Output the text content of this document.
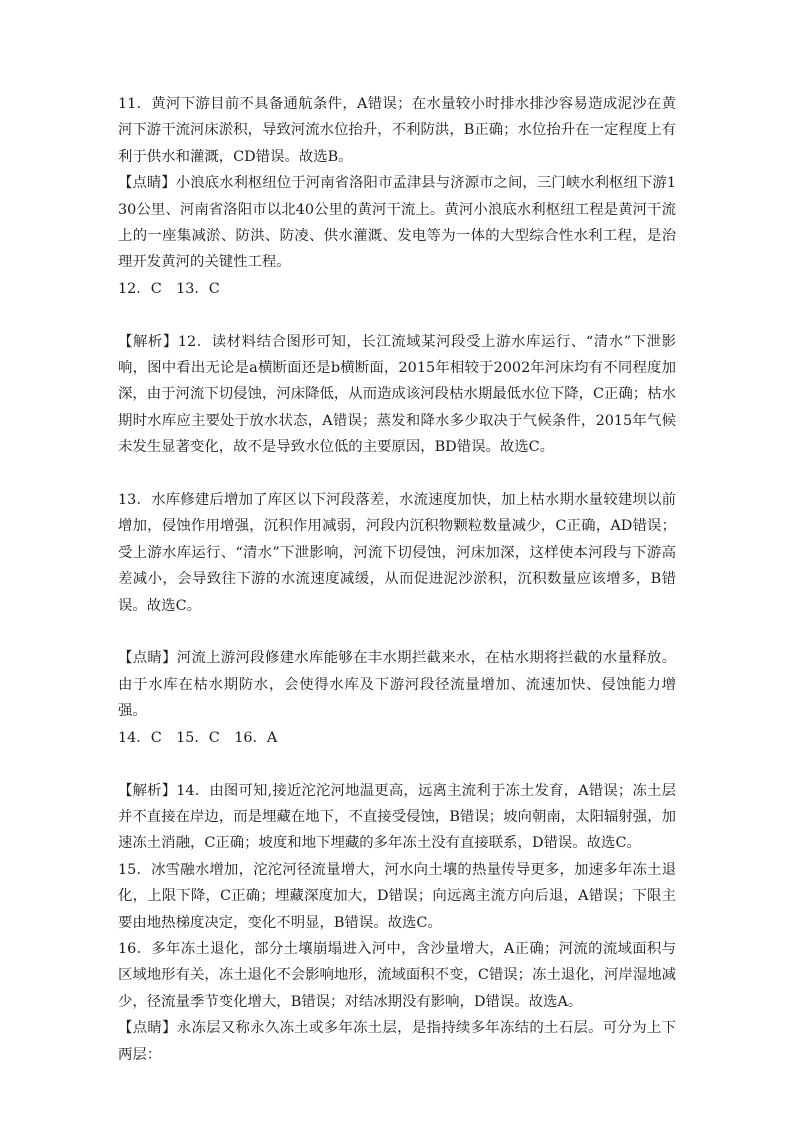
11．黄河下游目前不具备通航条件，A错误；在水量较小时排水排沙容易造成泥沙在黄河下游干流河床淤积，导致河流水位抬升，不利防洪，B正确；水位抬升在一定程度上有利于供水和灌溉，CD错误。故选B。

【点睛】小浪底水利枢纽位于河南省洛阳市孟津县与济源市之间，三门峡水利枢纽下游130公里、河南省洛阳市以北40公里的黄河干流上。黄河小浪底水利枢纽工程是黄河干流上的一座集减淤、防洪、防凌、供水灌溉、发电等为一体的大型综合性水利工程，是治理开发黄河的关键性工程。

12．C　13．C

【解析】12．读材料结合图形可知，长江流域某河段受上游水库运行、“清水”下泄影响，图中看出无论是a横断面还是b横断面，2015年相较于2002年河床均有不同程度加深，由于河流下切侵蚀，河床降低，从而造成该河段枯水期最低水位下降，C正确；枯水期时水库应主要处于放水状态，A错误；蒸发和降水多少取决于气候条件，2015年气候未发生显著变化，故不是导致水位低的主要原因，BD错误。故选C。

13．水库修建后增加了库区以下河段落差，水流速度加快，加上枯水期水量较建坝以前增加，侵蚀作用增强，沉积作用减弱，河段内沉积物颗粒数量减少，C正确，AD错误；受上游水库运行、“清水”下泄影响，河流下切侵蚀，河床加深，这样使本河段与下游高差减小，会导致往下游的水流速度减缓，从而促进泥沙淤积，沉积数量应该增多，B错误。故选C。

【点睛】河流上游河段修建水库能够在丰水期拦截来水，在枯水期将拦截的水量释放。由于水库在枯水期防水，会使得水库及下游河段径流量增加、流速加快、侵蚀能力增强。

14．C　15．C　16．A

【解析】14．由图可知,接近沱沱河地温更高，远离主流利于冻土发育，A错误；冻土层并不直接在岸边，而是埋藏在地下，不直接受侵蚀，B错误；坡向朝南，太阳辐射强，加速冻土消融，C正确；坡度和地下埋藏的多年冻土没有直接联系，D错误。故选C。

15．冰雪融水增加，沱沱河径流量增大，河水向土壤的热量传导更多，加速多年冻土退化，上限下降，C正确；埋藏深度加大，D错误；向远离主流方向后退，A错误；下限主要由地热梯度决定，变化不明显，B错误。故选C。

16．多年冻土退化，部分土壤崩塌进入河中，含沙量增大，A正确；河流的流域面积与区域地形有关，冻土退化不会影响地形，流域面积不变，C错误；冻土退化，河岸湿地减少，径流量季节变化增大，B错误；对结冰期没有影响，D错误。故选A。

【点睛】永冻层又称永久冻土或多年冻土层，是指持续多年冻结的土石层。可分为上下两层：
